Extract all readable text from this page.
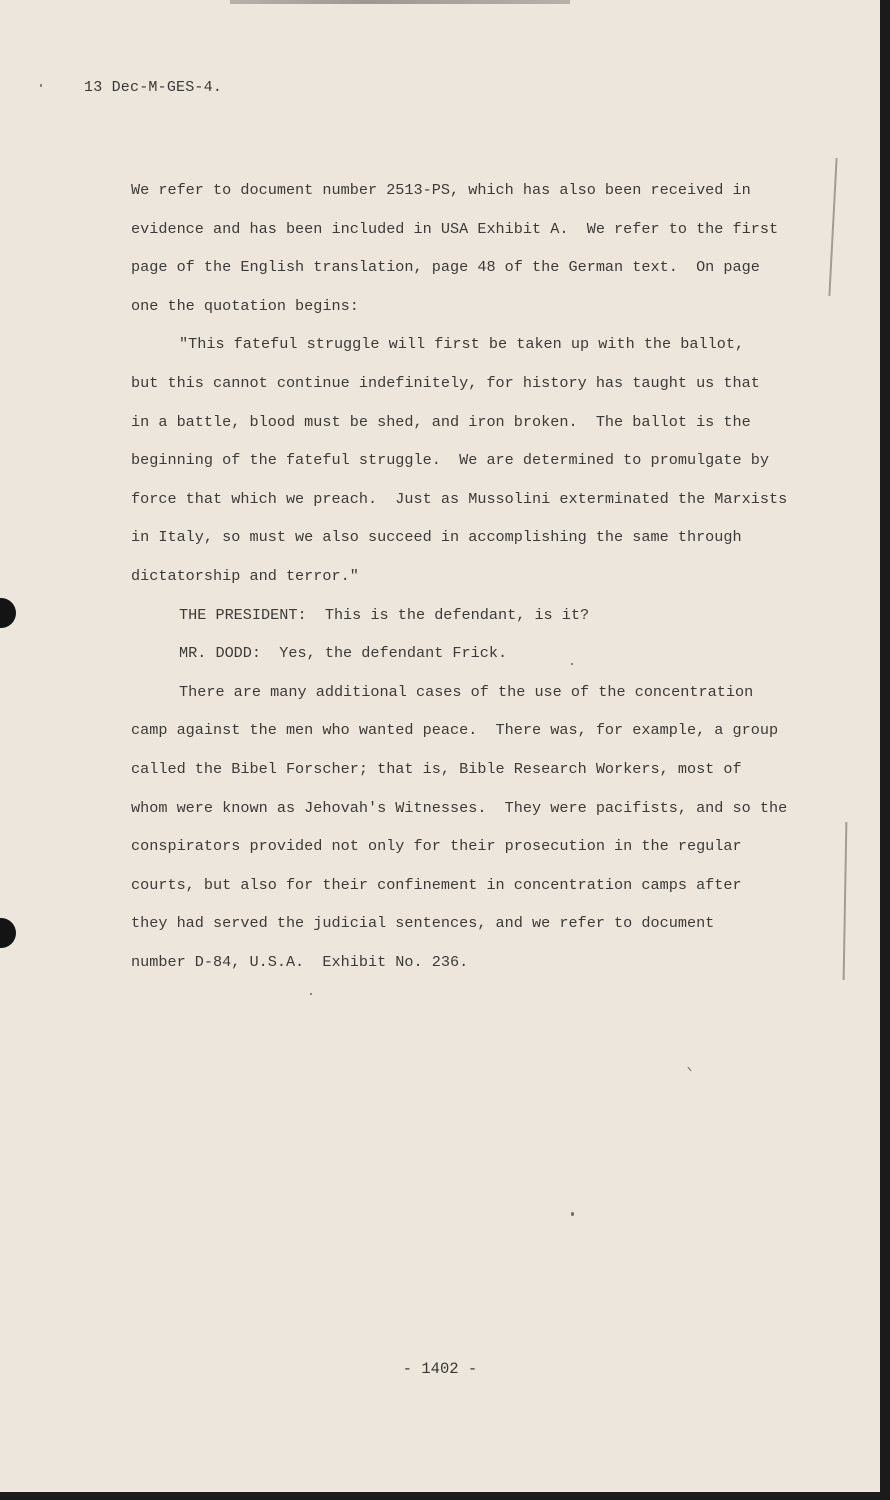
13 Dec-M-GES-4.
We refer to document number 2513-PS, which has also been received in
evidence and has been included in USA Exhibit A.  We refer to the first
page of the English translation, page 48 of the German text.  On page
one the quotation begins:
"This fateful struggle will first be taken up with the ballot,
but this cannot continue indefinitely, for history has taught us that
in a battle, blood must be shed, and iron broken.  The ballot is the
beginning of the fateful struggle.  We are determined to promulgate by
force that which we preach.  Just as Mussolini exterminated the Marxists
in Italy, so must we also succeed in accomplishing the same through
dictatorship and terror."
THE PRESIDENT:  This is the defendant, is it?
MR. DODD:  Yes, the defendant Frick.
There are many additional cases of the use of the concentration
camp against the men who wanted peace.  There was, for example, a group
called the Bibel Forscher; that is, Bible Research Workers, most of
whom were known as Jehovah's Witnesses.  They were pacifists, and so the
conspirators provided not only for their prosecution in the regular
courts, but also for their confinement in concentration camps after
they had served the judicial sentences, and we refer to document
number D-84, U.S.A.  Exhibit No. 236.
- 1402 -
